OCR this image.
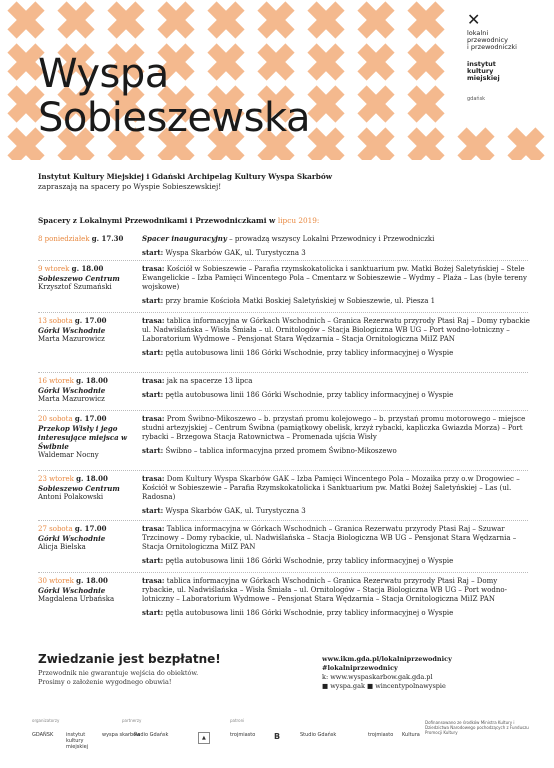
Wyspa
Sobieszewska
✕
lokalni
przewodnicy
i przewodniczki
instytut
kultury
miejskiej
gdańsk
Instytut Kultury Miejskiej i Gdański Archipelag Kultury Wyspa Skarbów
zapraszają na spacery po Wyspie Sobieszewskiej!
Spacery z Lokalnymi Przewodnikami i Przewodniczkami w lipcu 2019:
8 poniedziałek g. 17.30	Spacer inauguracyjny – prowadzą wszyscy Lokalni Przewodnicy i Przewodniczki
start: Wyspa Skarbów GAK, ul. Turystyczna 3
9 wtorek g. 18.00
Sobieszewo Centrum
Krzysztof Szumański
trasa: Kościół w Sobieszewie – Parafia rzymskokatolicka i sanktuarium pw. Matki Bożej Saletyńskiej – Stele Ewangelickie – Izba Pamięci Wincentego Pola – Cmentarz w Sobieszewie – Wydmy – Plaża – Las (byłe tereny wojskowe)
start: przy bramie Kościoła Matki Boskiej Saletyńskiej w Sobieszewie, ul. Piesza 1
13 sobota g. 17.00
Górki Wschodnie
Marta Mazurowicz
trasa: tablica informacyjna w Górkach Wschodnich – Granica Rezerwatu przyrody Ptasi Raj – Domy rybackie ul. Nadwiślańska – Wisła Śmiała – ul. Ornitologów – Stacja Biologiczna WB UG – Port wodno-lotniczny – Laboratorium Wydmowe – Pensjonat Stara Wędzarnia – Stacja Ornitologiczna MiIZ PAN
start: pętla autobusowa linii 186 Górki Wschodnie, przy tablicy informacyjnej o Wyspie
16 wtorek g. 18.00
Górki Wschodnie
Marta Mazurowicz
trasa: jak na spacerze 13 lipca
start: pętla autobusowa linii 186 Górki Wschodnie, przy tablicy informacyjnej o Wyspie
20 sobota g. 17.00
Przekop Wisły i jego interesujące miejsca w Świbnie
Waldemar Nocny
trasa: Prom Świbno-Mikoszewo – b. przystań promu kolejowego – b. przystań promu motorowego – miejsce studni artezyjskiej – Centrum Świbna (pamiątkowy obelisk, krzyż rybacki, kapliczka Gwiazda Morza) – Port rybacki – Brzegowa Stacja Ratownictwa – Promenada ujścia Wisły
start: Świbno – tablica informacyjna przed promem Świbno-Mikoszewo
23 wtorek g. 18.00
Sobieszewo Centrum
Antoni Polakowski
trasa: Dom Kultury Wyspa Skarbów GAK – Izba Pamięci Wincentego Pola – Mozaika przy o.w Drogowiec – Kościół w Sobieszewie – Parafia Rzymskokatolicka i Sanktuarium pw. Matki Bożej Saletyńskiej – Las (ul. Radosna)
start: Wyspa Skarbów GAK, ul. Turystyczna 3
27 sobota g. 17.00
Górki Wschodnie
Alicja Bielska
trasa: Tablica informacyjna w Górkach Wschodnich – Granica Rezerwatu przyrody Ptasi Raj – Szuwar Trzcinowy – Domy rybackie, ul. Nadwiślańska – Stacja Biologiczna WB UG – Pensjonat Stara Wędzarnia – Stacja Ornitologiczna MiIZ PAN
start: pętla autobusowa linii 186 Górki Wschodnie, przy tablicy informacyjnej o Wyspie
30 wtorek g. 18.00
Górki Wschodnie
Magdalena Urbańska
trasa: tablica informacyjna w Górkach Wschodnich – Granica Rezerwatu przyrody Ptasi Raj – Domy rybackie, ul. Nadwiślańska – Wisła Śmiała – ul. Ornitologów – Stacja Biologiczna WB UG – Port wodno-lotniczny – Laboratorium Wydmowe – Pensjonat Stara Wędzarnia – Stacja Ornitologiczna MiIZ PAN
start: pętla autobusowa linii 186 Górki Wschodnie, przy tablicy informacyjnej o Wyspie
Zwiedzanie jest bezpłatne!
Przewodnik nie gwarantuje wejścia do obiektów.
Prosimy o założenie wygodnego obuwia!
www.ikm.gda.pl/lokalniprzewodnicy
#lokalniprzewodnicy
k: www.wyspaskarbow.gak.gda.pl
■ wyspa.gak ■ wincentypolnawyspie
organizatorzy	partnerzy	patroni
GDAŃSK	instytut kultury miejskiej
wyspa skarbów
Radio Gdańsk	▲	trojmiasto B	Studio Gdańsk	trojmiasto Kultura
Dofinansowano ze środków Ministra Kultury i Dziedzictwa Narodowego pochodzących z Funduszu Promocji Kultury
